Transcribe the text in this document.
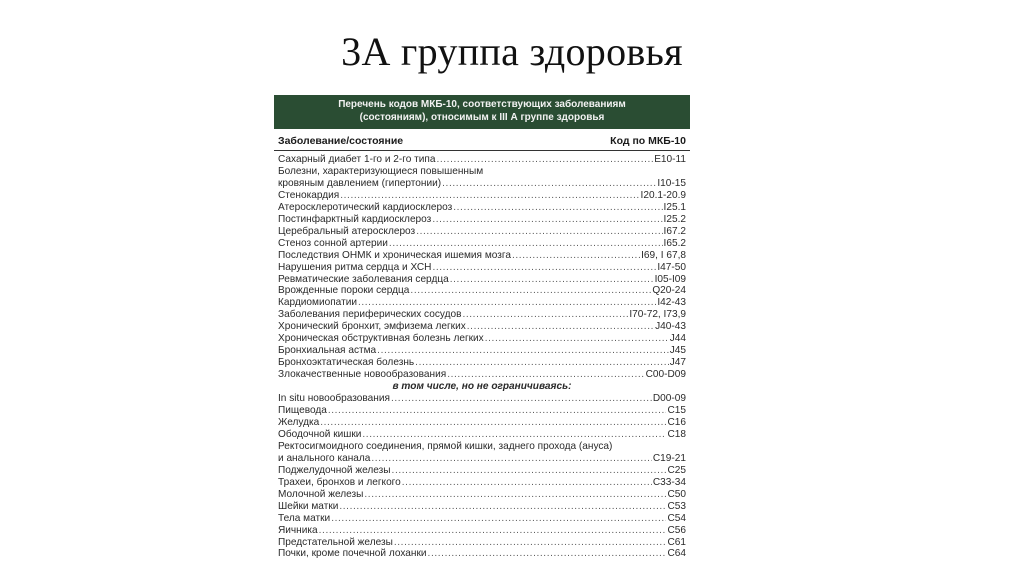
3А группа здоровья
Перечень кодов МКБ-10, соответствующих заболеваниям
(состояниям), относимым к III А группе здоровья
Заболевание/состояние	Код по МКБ-10
Сахарный диабет 1-го и 2-го типа .....	E10-11
Болезни, характеризующиеся повышенным
кровяным давлением (гипертонии) .....	I10-15
Стенокардия .....	I20.1-20.9
Атеросклеротический кардиосклероз .....	I25.1
Постинфарктный кардиосклероз .....	I25.2
Церебральный атеросклероз .....	I67.2
Стеноз сонной артерии .....	I65.2
Последствия ОНМК и хроническая ишемия мозга .....	I69, I 67,8
Нарушения ритма сердца и ХСН .....	I47-50
Ревматические заболевания сердца .....	I05-I09
Врожденные пороки сердца .....	Q20-24
Кардиомиопатии .....	I42-43
Заболевания периферических сосудов .....	I70-72, I73,9
Хронический бронхит, эмфизема легких .....	J40-43
Хроническая обструктивная болезнь легких .....	J44
Бронхиальная астма .....	J45
Бронхоэктатическая болезнь .....	J47
Злокачественные новообразования .....	C00-D09
в том числе, но не ограничиваясь:
In situ новообразования .....	D00-09
Пищевода .....	C15
Желудка .....	C16
Ободочной кишки .....	C18
Ректосигмоидного соединения, прямой кишки, заднего прохода (ануса)
и анального канала .....	C19-21
Поджелудочной железы .....	C25
Трахеи, бронхов и легкого .....	C33-34
Молочной железы .....	C50
Шейки матки .....	C53
Тела матки .....	C54
Яичника .....	C56
Предстательной железы .....	C61
Почки, кроме почечной лоханки .....	C64
